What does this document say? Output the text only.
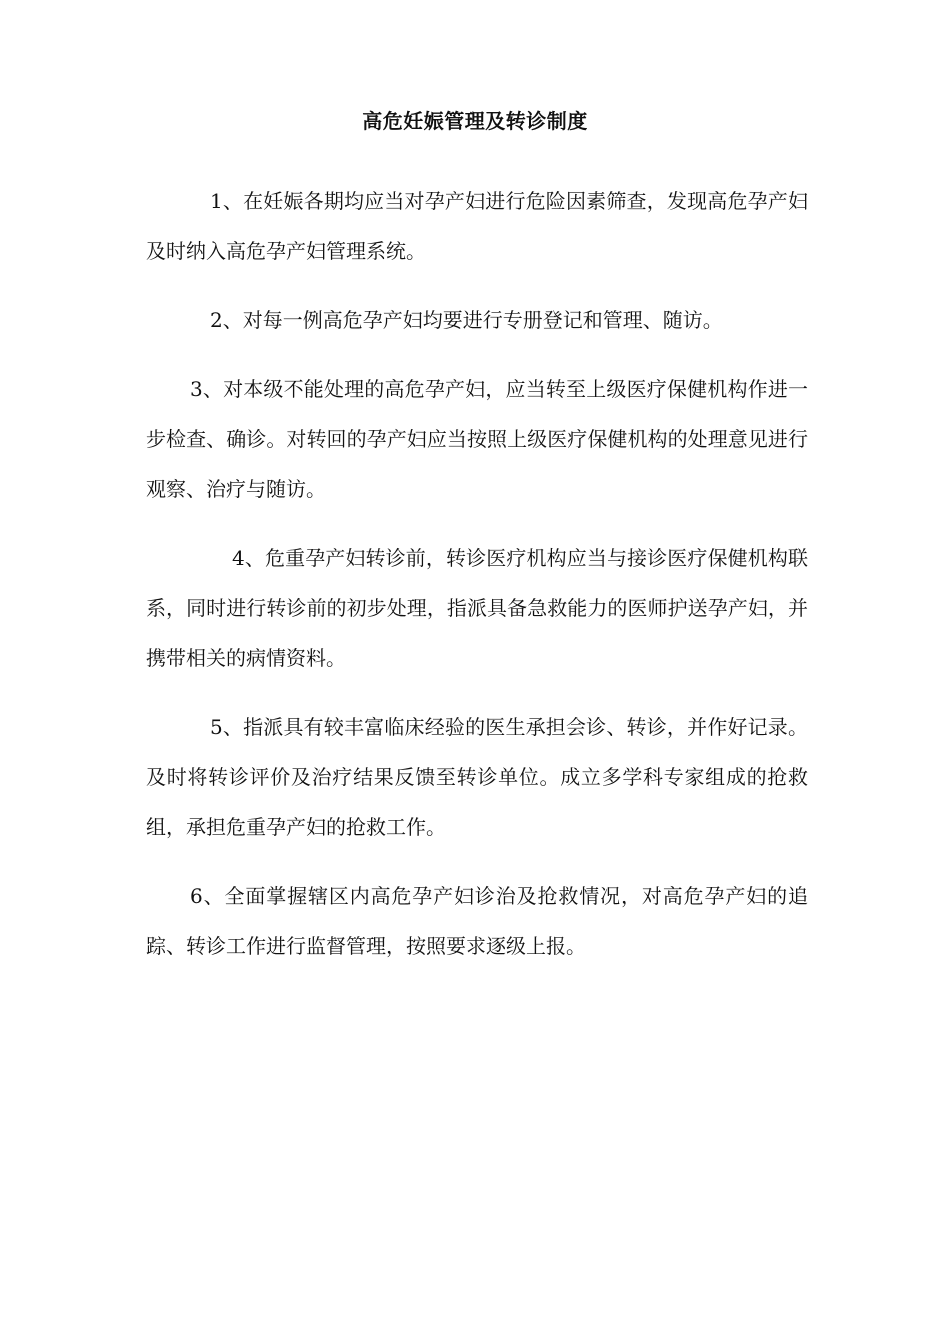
高危妊娠管理及转诊制度

1、在妊娠各期均应当对孕产妇进行危险因素筛查，发现高危孕产妇及时纳入高危孕产妇管理系统。

2、对每一例高危孕产妇均要进行专册登记和管理、随访。

3、对本级不能处理的高危孕产妇，应当转至上级医疗保健机构作进一步检查、确诊。对转回的孕产妇应当按照上级医疗保健机构的处理意见进行观察、治疗与随访。

4、危重孕产妇转诊前，转诊医疗机构应当与接诊医疗保健机构联系，同时进行转诊前的初步处理，指派具备急救能力的医师护送孕产妇，并携带相关的病情资料。

5、指派具有较丰富临床经验的医生承担会诊、转诊，并作好记录。及时将转诊评价及治疗结果反馈至转诊单位。成立多学科专家组成的抢救组，承担危重孕产妇的抢救工作。

6、全面掌握辖区内高危孕产妇诊治及抢救情况，对高危孕产妇的追踪、转诊工作进行监督管理，按照要求逐级上报。
